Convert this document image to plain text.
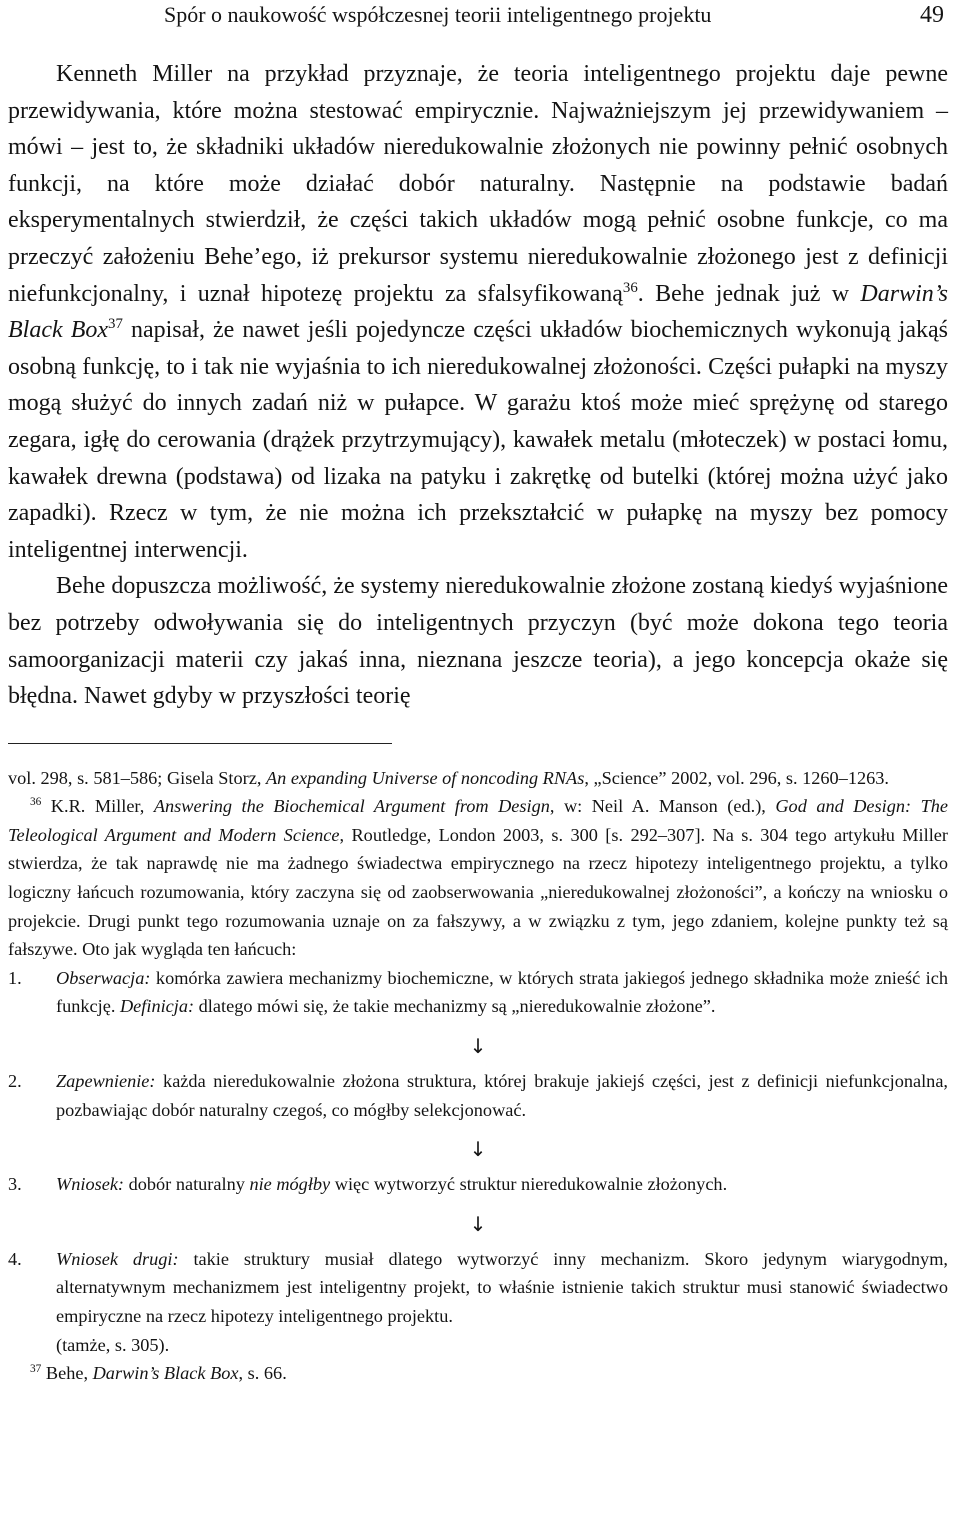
Spór o naukowość współczesnej teorii inteligentnego projektu	49

Kenneth Miller na przykład przyznaje, że teoria inteligentnego projektu daje pewne przewidywania, które można stestować empirycznie. Najważniejszym jej przewidywaniem – mówi – jest to, że składniki układów nieredukowalnie złożonych nie powinny pełnić osobnych funkcji, na które może działać dobór naturalny. Następnie na podstawie badań eksperymentalnych stwierdził, że części takich układów mogą pełnić osobne funkcje, co ma przeczyć założeniu Behe’ego, iż prekursor systemu nieredukowalnie złożonego jest z definicji niefunkcjonalny, i uznał hipotezę projektu za sfalsyfikowaną$^{36}$. Behe jednak już w Darwin’s Black Box$^{37}$ napisał, że nawet jeśli pojedyncze części układów biochemicznych wykonują jakąś osobną funkcję, to i tak nie wyjaśnia to ich nieredukowalnej złożoności. Części pułapki na myszy mogą służyć do innych zadań niż w pułapce. W garażu ktoś może mieć sprężynę od starego zegara, igłę do cerowania (drążek przytrzymujący), kawałek metalu (młoteczek) w postaci łomu, kawałek drewna (podstawa) od lizaka na patyku i zakrętkę od butelki (której można użyć jako zapadki). Rzecz w tym, że nie można ich przekształcić w pułapkę na myszy bez pomocy inteligentnej interwencji.

Behe dopuszcza możliwość, że systemy nieredukowalnie złożone zostaną kiedyś wyjaśnione bez potrzeby odwoływania się do inteligentnych przyczyn (być może dokona tego teoria samoorganizacji materii czy jakaś inna, nieznana jeszcze teoria), a jego koncepcja okaże się błędna. Nawet gdyby w przyszłości teorię

vol. 298, s. 581–586; Gisela Storz, An expanding Universe of noncoding RNAs, „Science” 2002, vol. 296, s. 1260–1263.

$^{36}$ K.R. Miller, Answering the Biochemical Argument from Design, w: Neil A. Manson (ed.), God and Design: The Teleological Argument and Modern Science, Routledge, London 2003, s. 300 [s. 292–307]. Na s. 304 tego artykułu Miller stwierdza, że tak naprawdę nie ma żadnego świadectwa empirycznego na rzecz hipotezy inteligentnego projektu, a tylko logiczny łańcuch rozumowania, który zaczyna się od zaobserwowania „nieredukowalnej złożoności”, a kończy na wniosku o projekcie. Drugi punkt tego rozumowania uznaje on za fałszywy, a w związku z tym, jego zdaniem, kolejne punkty też są fałszywe. Oto jak wygląda ten łańcuch:

1.	Obserwacja: komórka zawiera mechanizmy biochemiczne, w których strata jakiegoś jednego składnika może znieść ich funkcję. Definicja: dlatego mówi się, że takie mechanizmy są „nieredukowalnie złożone”.
↓
2.	Zapewnienie: każda nieredukowalnie złożona struktura, której brakuje jakiejś części, jest z definicji niefunkcjonalna, pozbawiając dobór naturalny czegoś, co mógłby selekcjonować.
↓
3.	Wniosek: dobór naturalny nie mógłby więc wytworzyć struktur nieredukowalnie złożonych.
↓
4.	Wniosek drugi: takie struktury musiał dlatego wytworzyć inny mechanizm. Skoro jedynym wiarygodnym, alternatywnym mechanizmem jest inteligentny projekt, to właśnie istnienie takich struktur musi stanowić świadectwo empiryczne na rzecz hipotezy inteligentnego projektu.

(tamże, s. 305).

$^{37}$ Behe, Darwin’s Black Box, s. 66.
